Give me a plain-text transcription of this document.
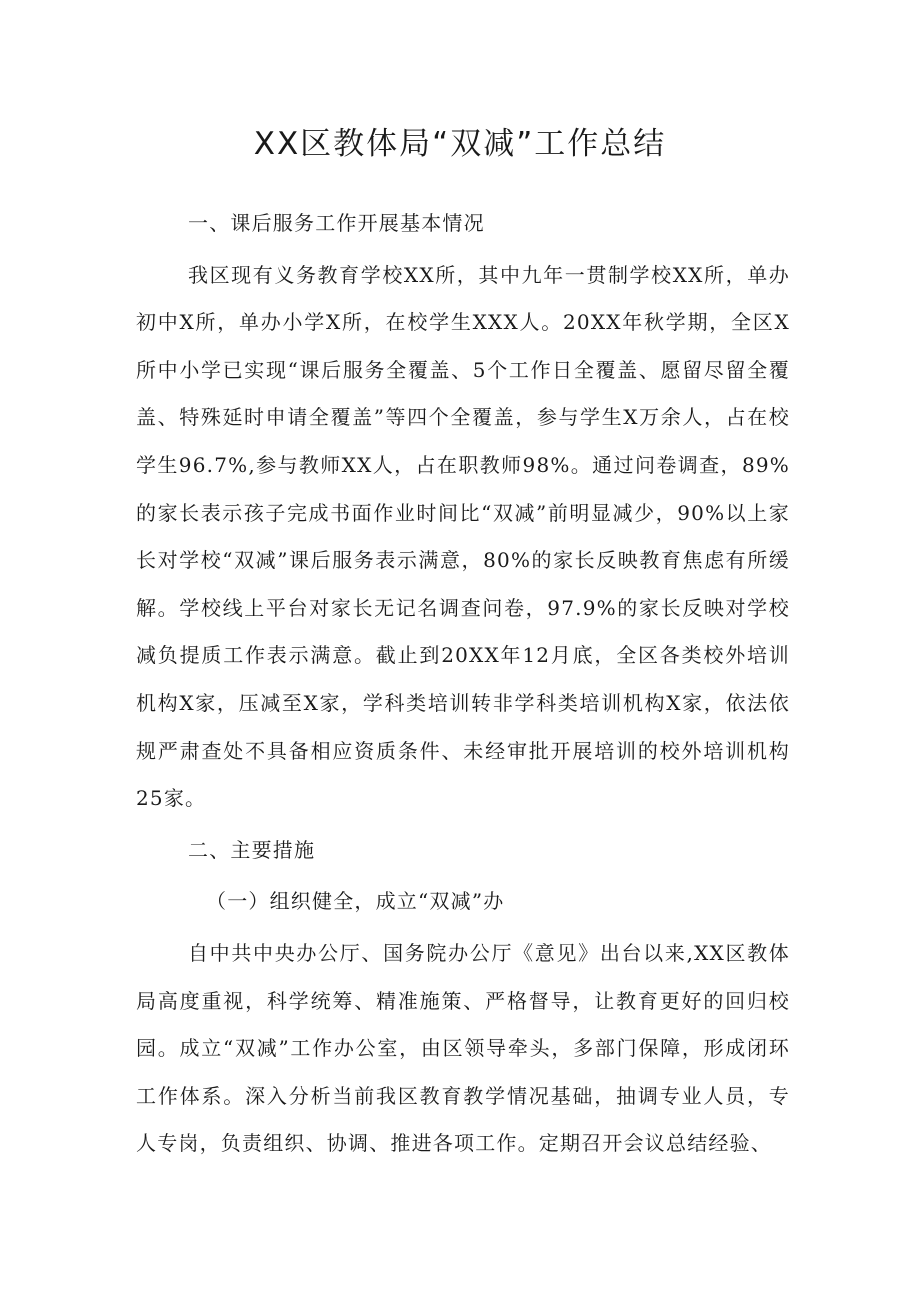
XX区教体局“双减”工作总结

一、课后服务工作开展基本情况

我区现有义务教育学校XX所，其中九年一贯制学校XX所，单办初中X所，单办小学X所，在校学生XXX人。20XX年秋学期，全区X所中小学已实现“课后服务全覆盖、5个工作日全覆盖、愿留尽留全覆盖、特殊延时申请全覆盖”等四个全覆盖，参与学生X万余人，占在校学生96.7%,参与教师XX人，占在职教师98%。通过问卷调查，89%的家长表示孩子完成书面作业时间比“双减”前明显减少，90%以上家长对学校“双减”课后服务表示满意，80%的家长反映教育焦虑有所缓解。学校线上平台对家长无记名调查问卷，97.9%的家长反映对学校减负提质工作表示满意。截止到20XX年12月底，全区各类校外培训机构X家，压减至X家，学科类培训转非学科类培训机构X家，依法依规严肃查处不具备相应资质条件、未经审批开展培训的校外培训机构25家。

二、主要措施

（一）组织健全，成立“双减”办

自中共中央办公厅、国务院办公厅《意见》出台以来,XX区教体局高度重视，科学统筹、精准施策、严格督导，让教育更好的回归校园。成立“双减”工作办公室，由区领导牵头，多部门保障，形成闭环工作体系。深入分析当前我区教育教学情况基础，抽调专业人员，专人专岗，负责组织、协调、推进各项工作。定期召开会议总结经验、
